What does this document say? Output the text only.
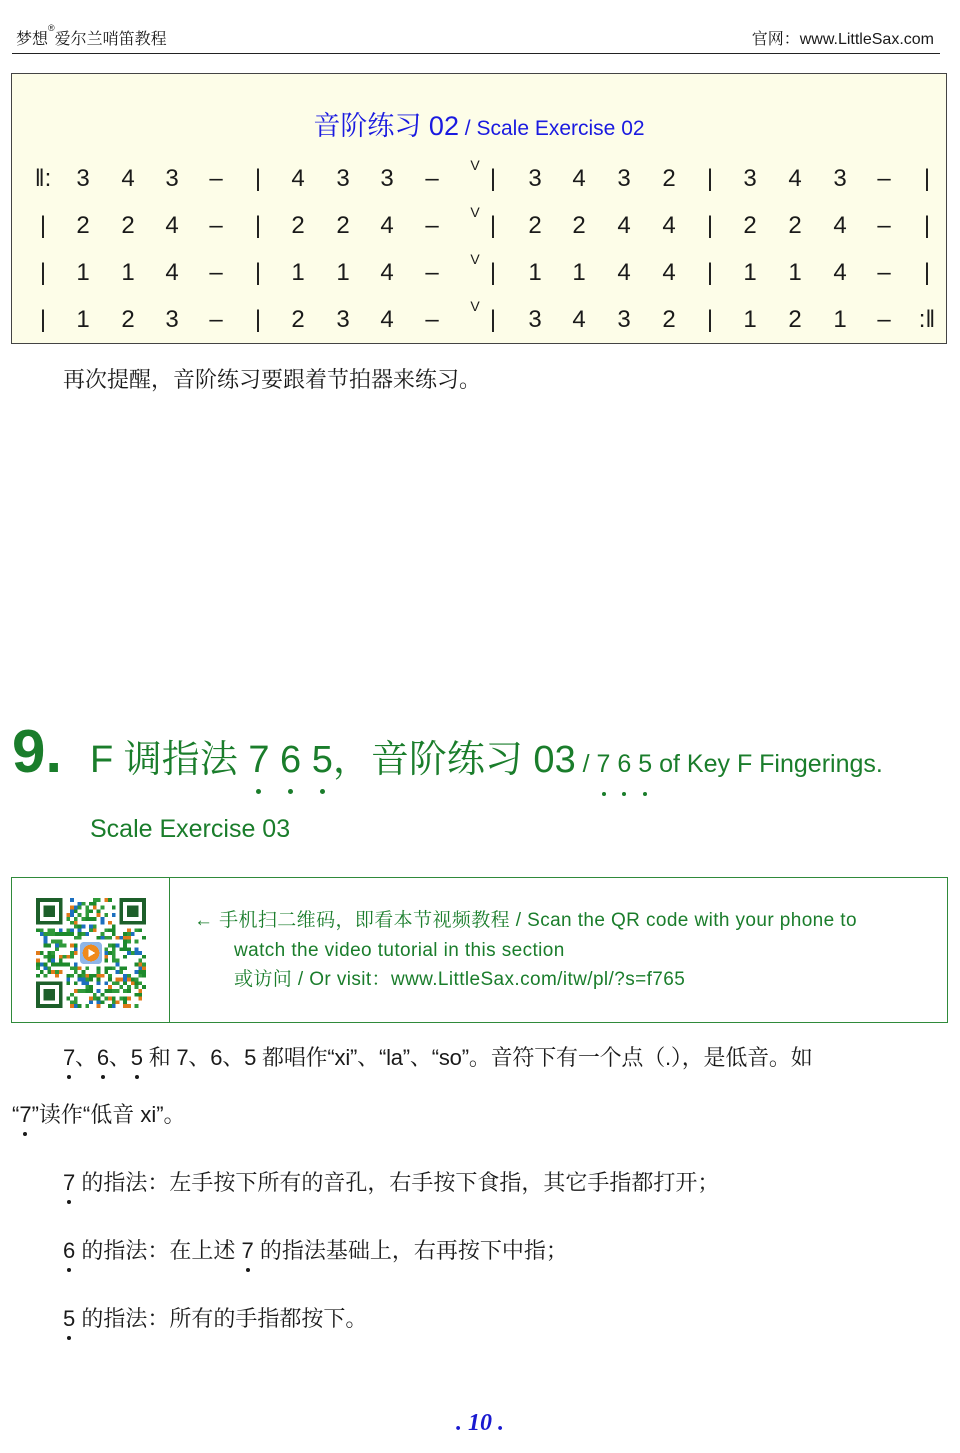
梦想®爱尔兰哨笛教程	官网：www.LittleSax.com
音阶练习 02 / Scale Exercise 02
‖: 3 4 3 – | 4 3 3 – | 3 4 3 2 | 3 4 3 – |
V
| 2 2 4 – | 2 2 4 – | 2 2 4 4 | 2 2 4 – |
V
| 1 1 4 – | 1 1 4 – | 1 1 4 4 | 1 1 4 – |
V
| 1 2 3 – | 2 3 4 – | 3 4 3 2 | 1 2 1 – :‖
V
再次提醒，音阶练习要跟着节拍器来练习。
9. F 调指法 7 6 5，音阶练习 03 / 7 6 5 of Key F Fingerings.
Scale Exercise 03
← 手机扫二维码，即看本节视频教程 / Scan the QR code with your phone to
watch the video tutorial in this section
或访问 / Or visit：www.LittleSax.com/itw/pl/?s=f765
7、6、5 和 7、6、5 都唱作“xi”、“la”、“so”。音符下有一个点（.），是低音。如
“7”读作“低音 xi”。
7 的指法：左手按下所有的音孔，右手按下食指，其它手指都打开；
6 的指法：在上述 7 的指法基础上，右再按下中指；
5 的指法：所有的手指都按下。
. 10 .
